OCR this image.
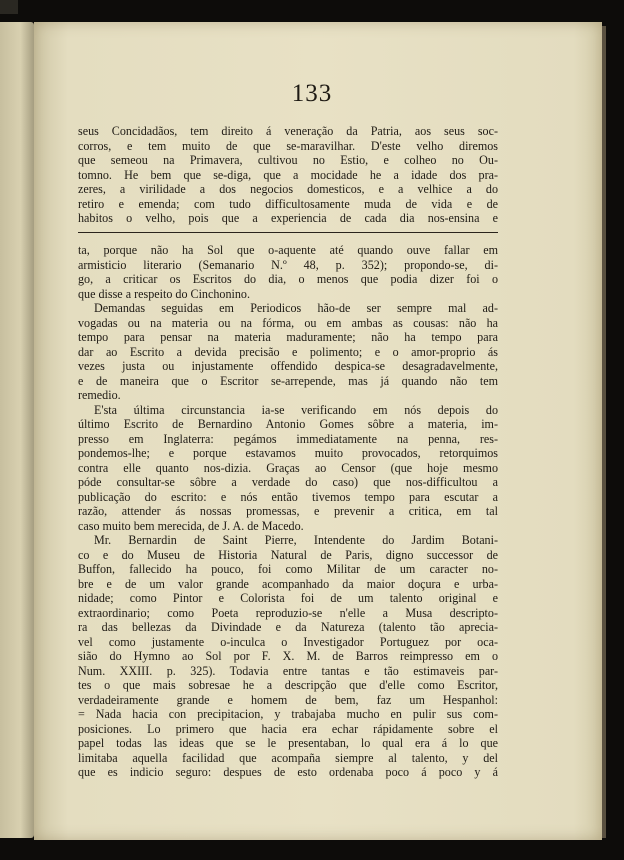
133
seus Concidadãos, tem direito á veneração da Patria, aos seus soc-
corros, e tem muito de que se-maravilhar. D'este velho diremos
que semeou na Primavera, cultivou no Estio, e colheo no Ou-
tomno. He bem que se-diga, que a mocidade he a idade dos pra-
zeres, a virilidade a dos negocios domesticos, e a velhice a do
retiro e emenda; com tudo difficultosamente muda de vida e de
habitos o velho, pois que a experiencia de cada dia nos-ensina e
ta, porque não ha Sol que o-aquente até quando ouve fallar em
armisticio literario (Semanario N.º 48, p. 352); propondo-se, di-
go, a criticar os Escritos do dia, o menos que podia dizer foi o
que disse a respeito do Cinchonino.
Demandas seguidas em Periodicos hão-de ser sempre mal ad-
vogadas ou na materia ou na fórma, ou em ambas as cousas: não ha
tempo para pensar na materia maduramente; não ha tempo para
dar ao Escrito a devida precisão e polimento; e o amor-proprio ás
vezes justa ou injustamente offendido despica-se desagradavelmente,
e de maneira que o Escritor se-arrepende, mas já quando não tem
remedio.
E'sta última circunstancia ia-se verificando em nós depois do
último Escrito de Bernardino Antonio Gomes sôbre a materia, im-
presso em Inglaterra: pegámos immediatamente na penna, res-
pondemos-lhe; e porque estavamos muito provocados, retorquimos
contra elle quanto nos-dizia. Graças ao Censor (que hoje mesmo
póde consultar-se sôbre a verdade do caso) que nos-difficultou a
publicação do escrito: e nós então tivemos tempo para escutar a
razão, attender ás nossas promessas, e prevenir a critica, em tal
caso muito bem merecida, de J. A. de Macedo.
Mr. Bernardin de Saint Pierre, Intendente do Jardim Botani-
co e do Museu de Historia Natural de Paris, digno successor de
Buffon, fallecido ha pouco, foi como Militar de um caracter no-
bre e de um valor grande acompanhado da maior doçura e urba-
nidade; como Pintor e Colorista foi de um talento original e
extraordinario; como Poeta reproduzio-se n'elle a Musa descripto-
ra das bellezas da Divindade e da Natureza (talento tão aprecia-
vel como justamente o-inculca o Investigador Portuguez por oca-
sião do Hymno ao Sol por F. X. M. de Barros reimpresso em o
Num. XXIII. p. 325). Todavia entre tantas e tão estimaveis par-
tes o que mais sobresae he a descripção que d'elle como Escritor,
verdadeiramente grande e homem de bem, faz um Hespanhol:
= Nada hacia con precipitacion, y trabajaba mucho en pulir sus com-
posiciones. Lo primero que hacia era echar rápidamente sobre el
papel todas las ideas que se le presentaban, lo qual era á lo que
limitaba aquella facilidad que acompaña siempre al talento, y del
que es indicio seguro: despues de esto ordenaba poco á poco y á
